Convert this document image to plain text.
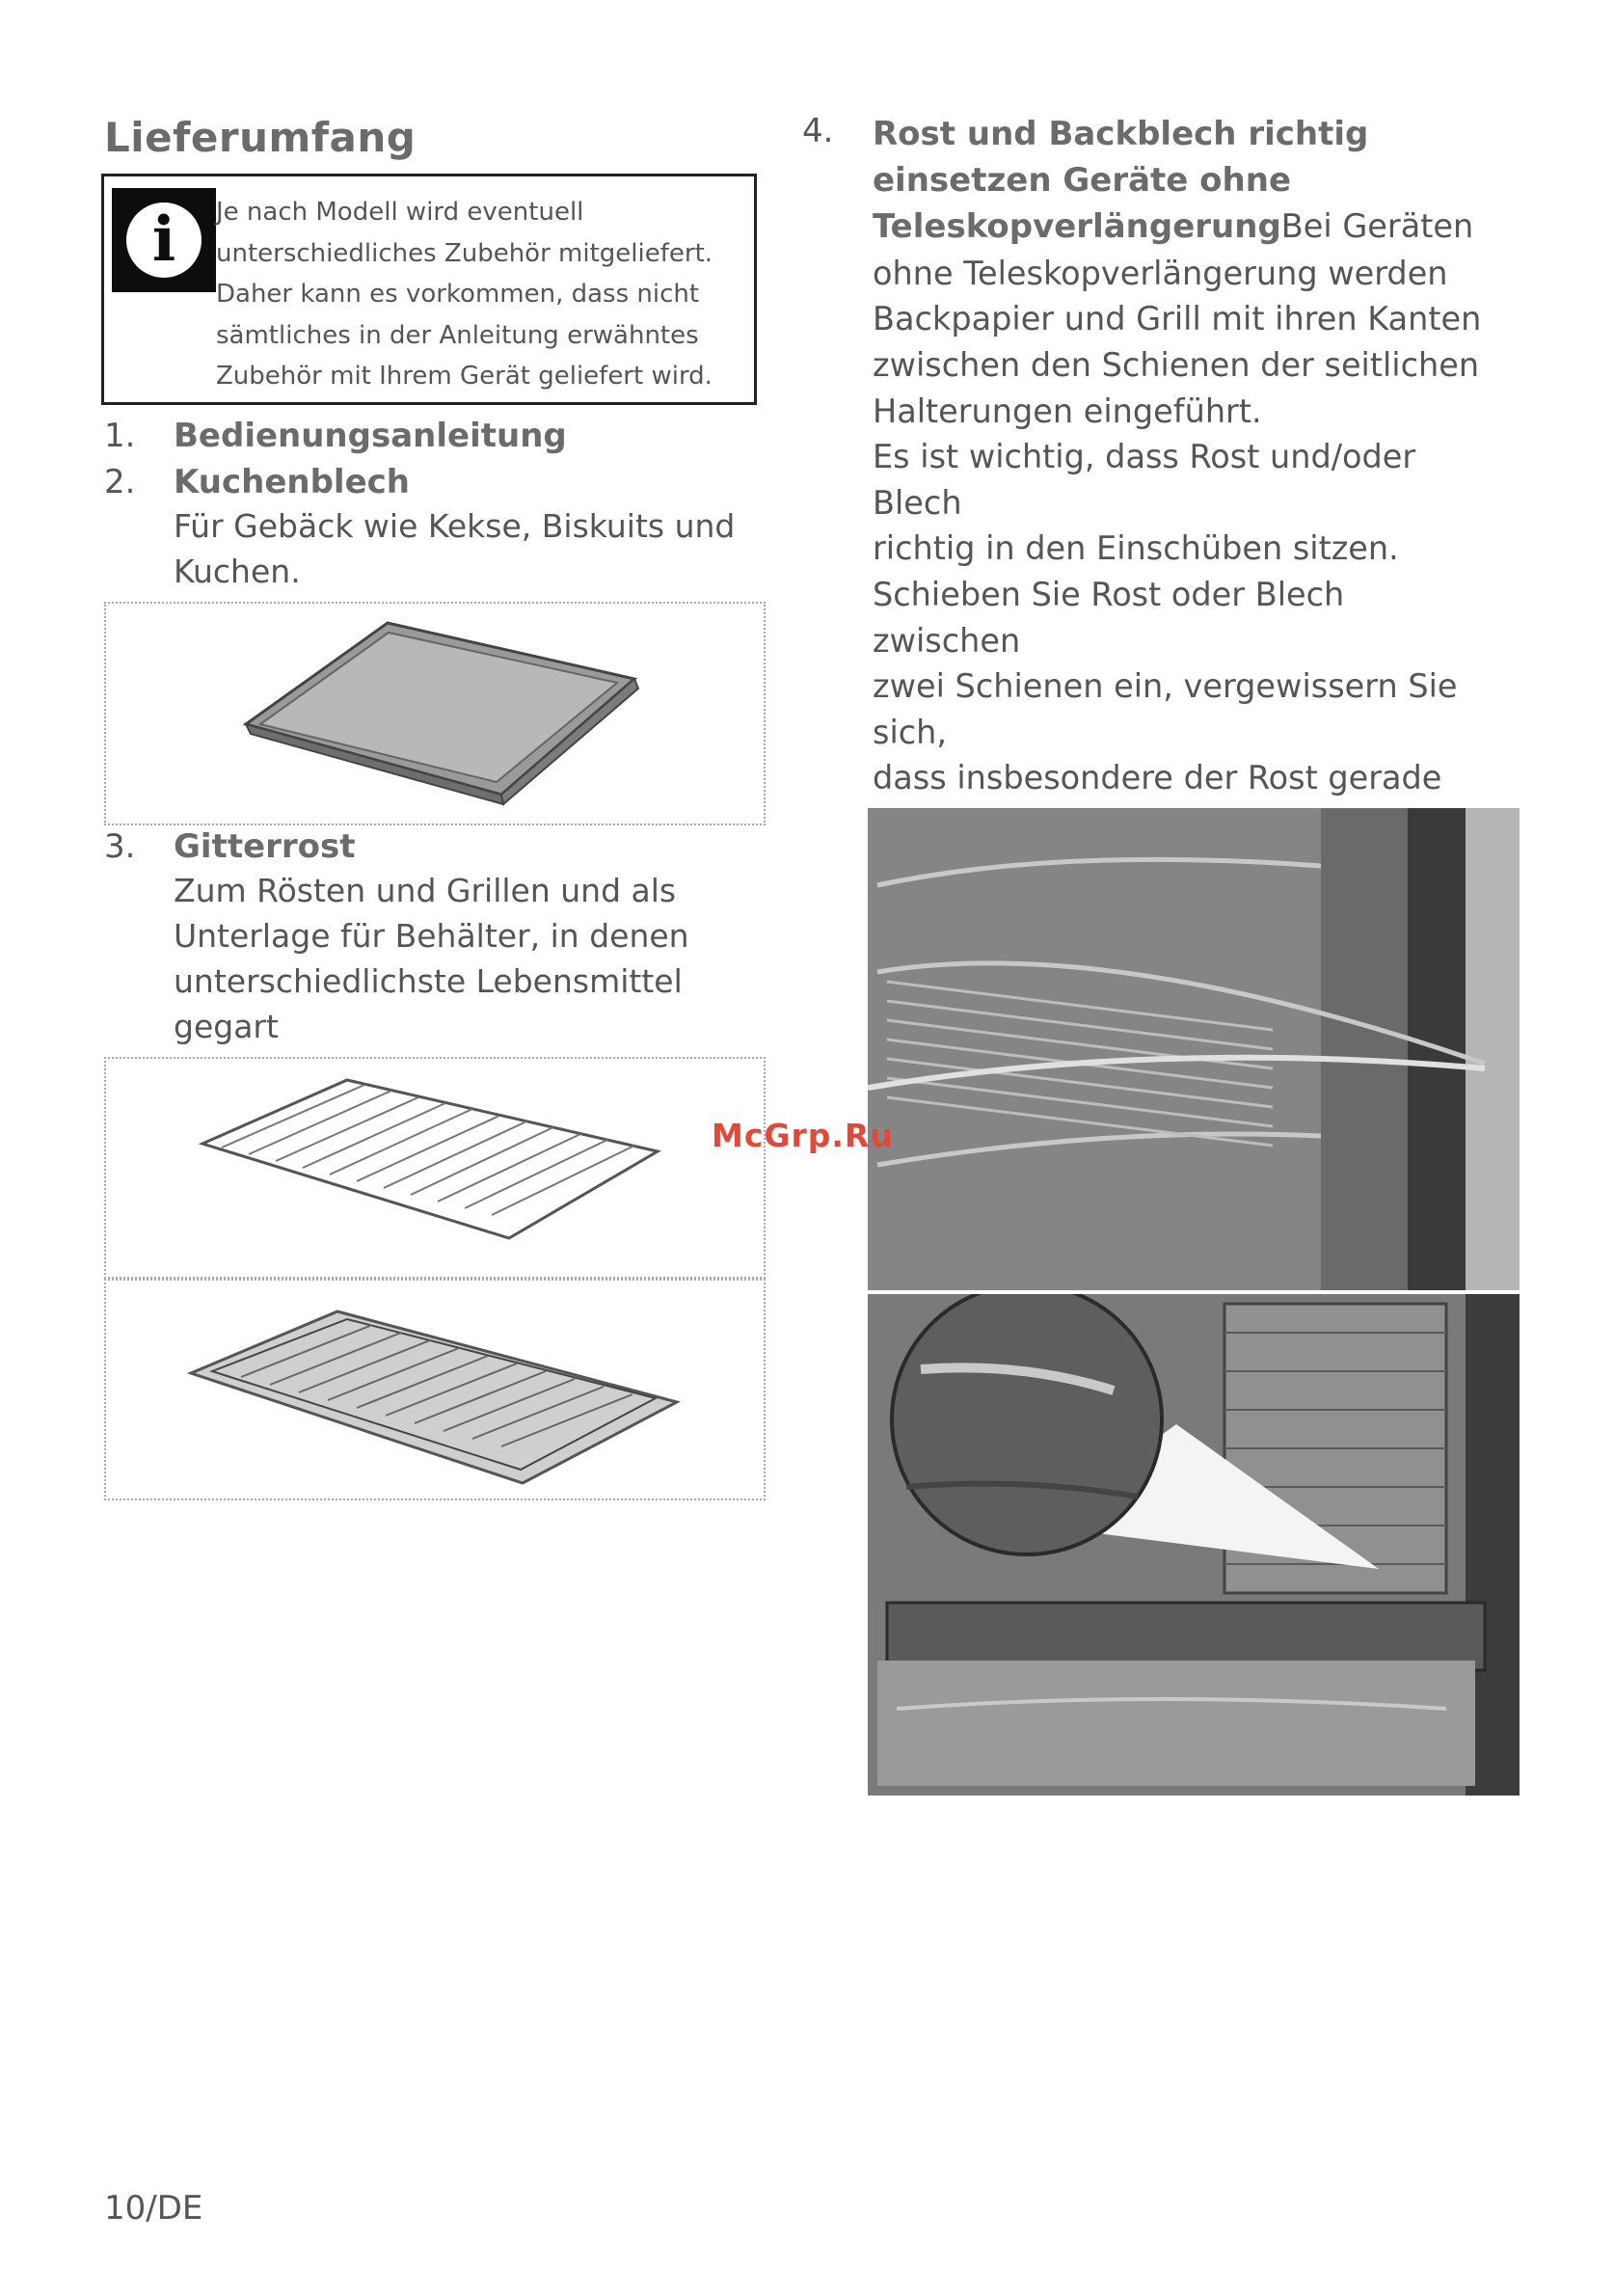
Lieferumfang
i	Je nach Modell wird eventuell
unterschiedliches Zubehör mitgeliefert.
Daher kann es vorkommen, dass nicht
sämtliches in der Anleitung erwähntes
Zubehör mit Ihrem Gerät geliefert wird.
1.	Bedienungsanleitung
2.	Kuchenblech
Für Gebäck wie Kekse, Biskuits und
Kuchen.
3.	Gitterrost
Zum Rösten und Grillen und als
Unterlage für Behälter, in denen
unterschiedlichste Lebensmittel gegart
4. Rost und Backblech richtig
einsetzen Geräte ohne
TeleskopverlängerungBei Geräten
ohne Teleskopverlängerung werden
Backpapier und Grill mit ihren Kanten
zwischen den Schienen der seitlichen
Halterungen eingeführt.
Es ist wichtig, dass Rost und/oder Blech
richtig in den Einschüben sitzen.
Schieben Sie Rost oder Blech zwischen
zwei Schienen ein, vergewissern Sie sich,
dass insbesondere der Rost gerade
McGrp.Ru
10/DE
